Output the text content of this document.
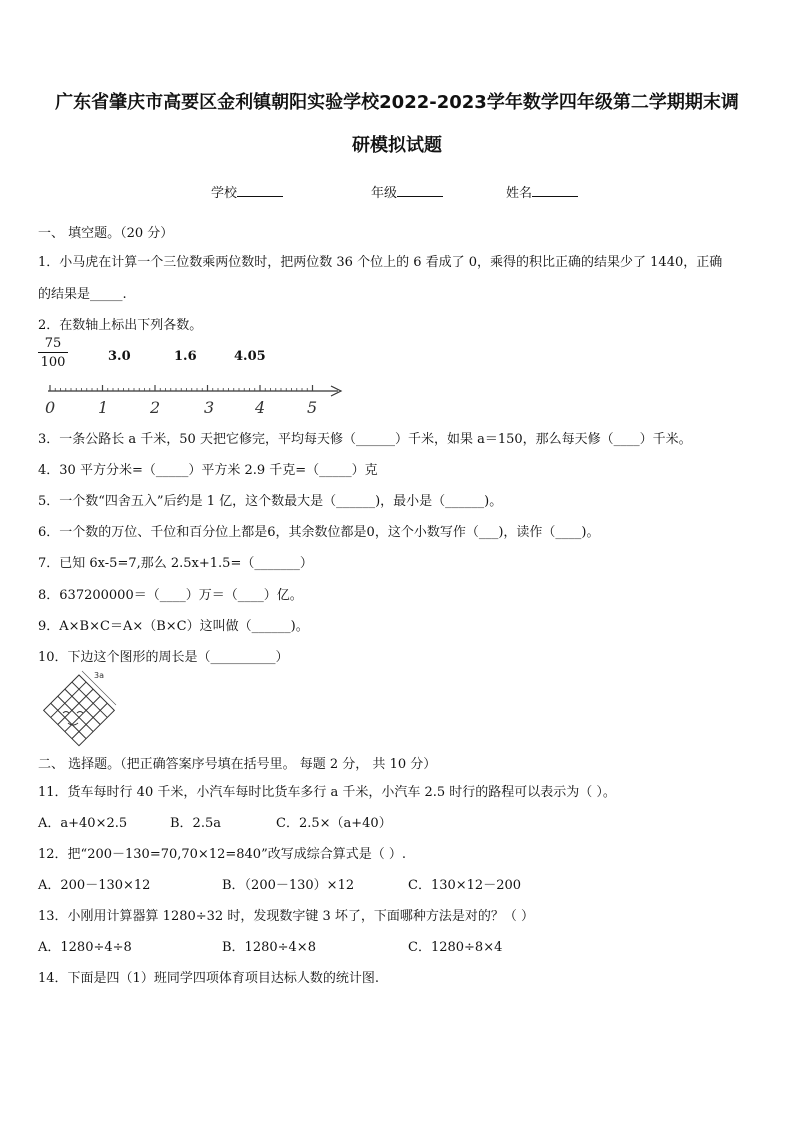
广东省肇庆市高要区金利镇朝阳实验学校2022-2023学年数学四年级第二学期期末调
研模拟试题
学校	年级	姓名
一、 填空题。（20 分）
1．小马虎在计算一个三位数乘两位数时，把两位数 36 个位上的 6 看成了 0，乘得的积比正确的结果少了 1440，正确
的结果是_____.
2．在数轴上标出下列各数。
$\frac{75}{100}$	3.0	1.6	4.05
0	1	2	3	4	5
3．一条公路长 a 千米，50 天把它修完，平均每天修（______）千米，如果 a＝150，那么每天修（____）千米。
4．30 平方分米=（_____）平方米 2.9 千克=（_____）克
5．一个数“四舍五入”后约是 1 亿，这个数最大是（______)，最小是（______)。
6．一个数的万位、千位和百分位上都是6，其余数位都是0，这个小数写作（___)，读作（____)。
7．已知 6x-5=7,那么 2.5x+1.5=（_______）
8．637200000＝（____）万＝（____）亿。
9．A×B×C＝A×（B×C）这叫做（______)。
10．下边这个图形的周长是（__________）
3a
二、 选择题。（把正确答案序号填在括号里。 每题 2 分， 共 10 分）
11．货车每时行 40 千米，小汽车每时比货车多行 a 千米，小汽车 2.5 时行的路程可以表示为（ ）。
A．a+40×2.5	B．2.5a	C．2.5×（a+40）
12．把“200－130=70,70×12=840”改写成综合算式是（ ）.
A．200－130×12	B．（200－130）×12	C．130×12－200
13．小刚用计算器算 1280÷32 时，发现数字键 3 坏了，下面哪种方法是对的？（ ）
A．1280÷4÷8	B．1280÷4×8	C．1280÷8×4
14．下面是四（1）班同学四项体育项目达标人数的统计图.
